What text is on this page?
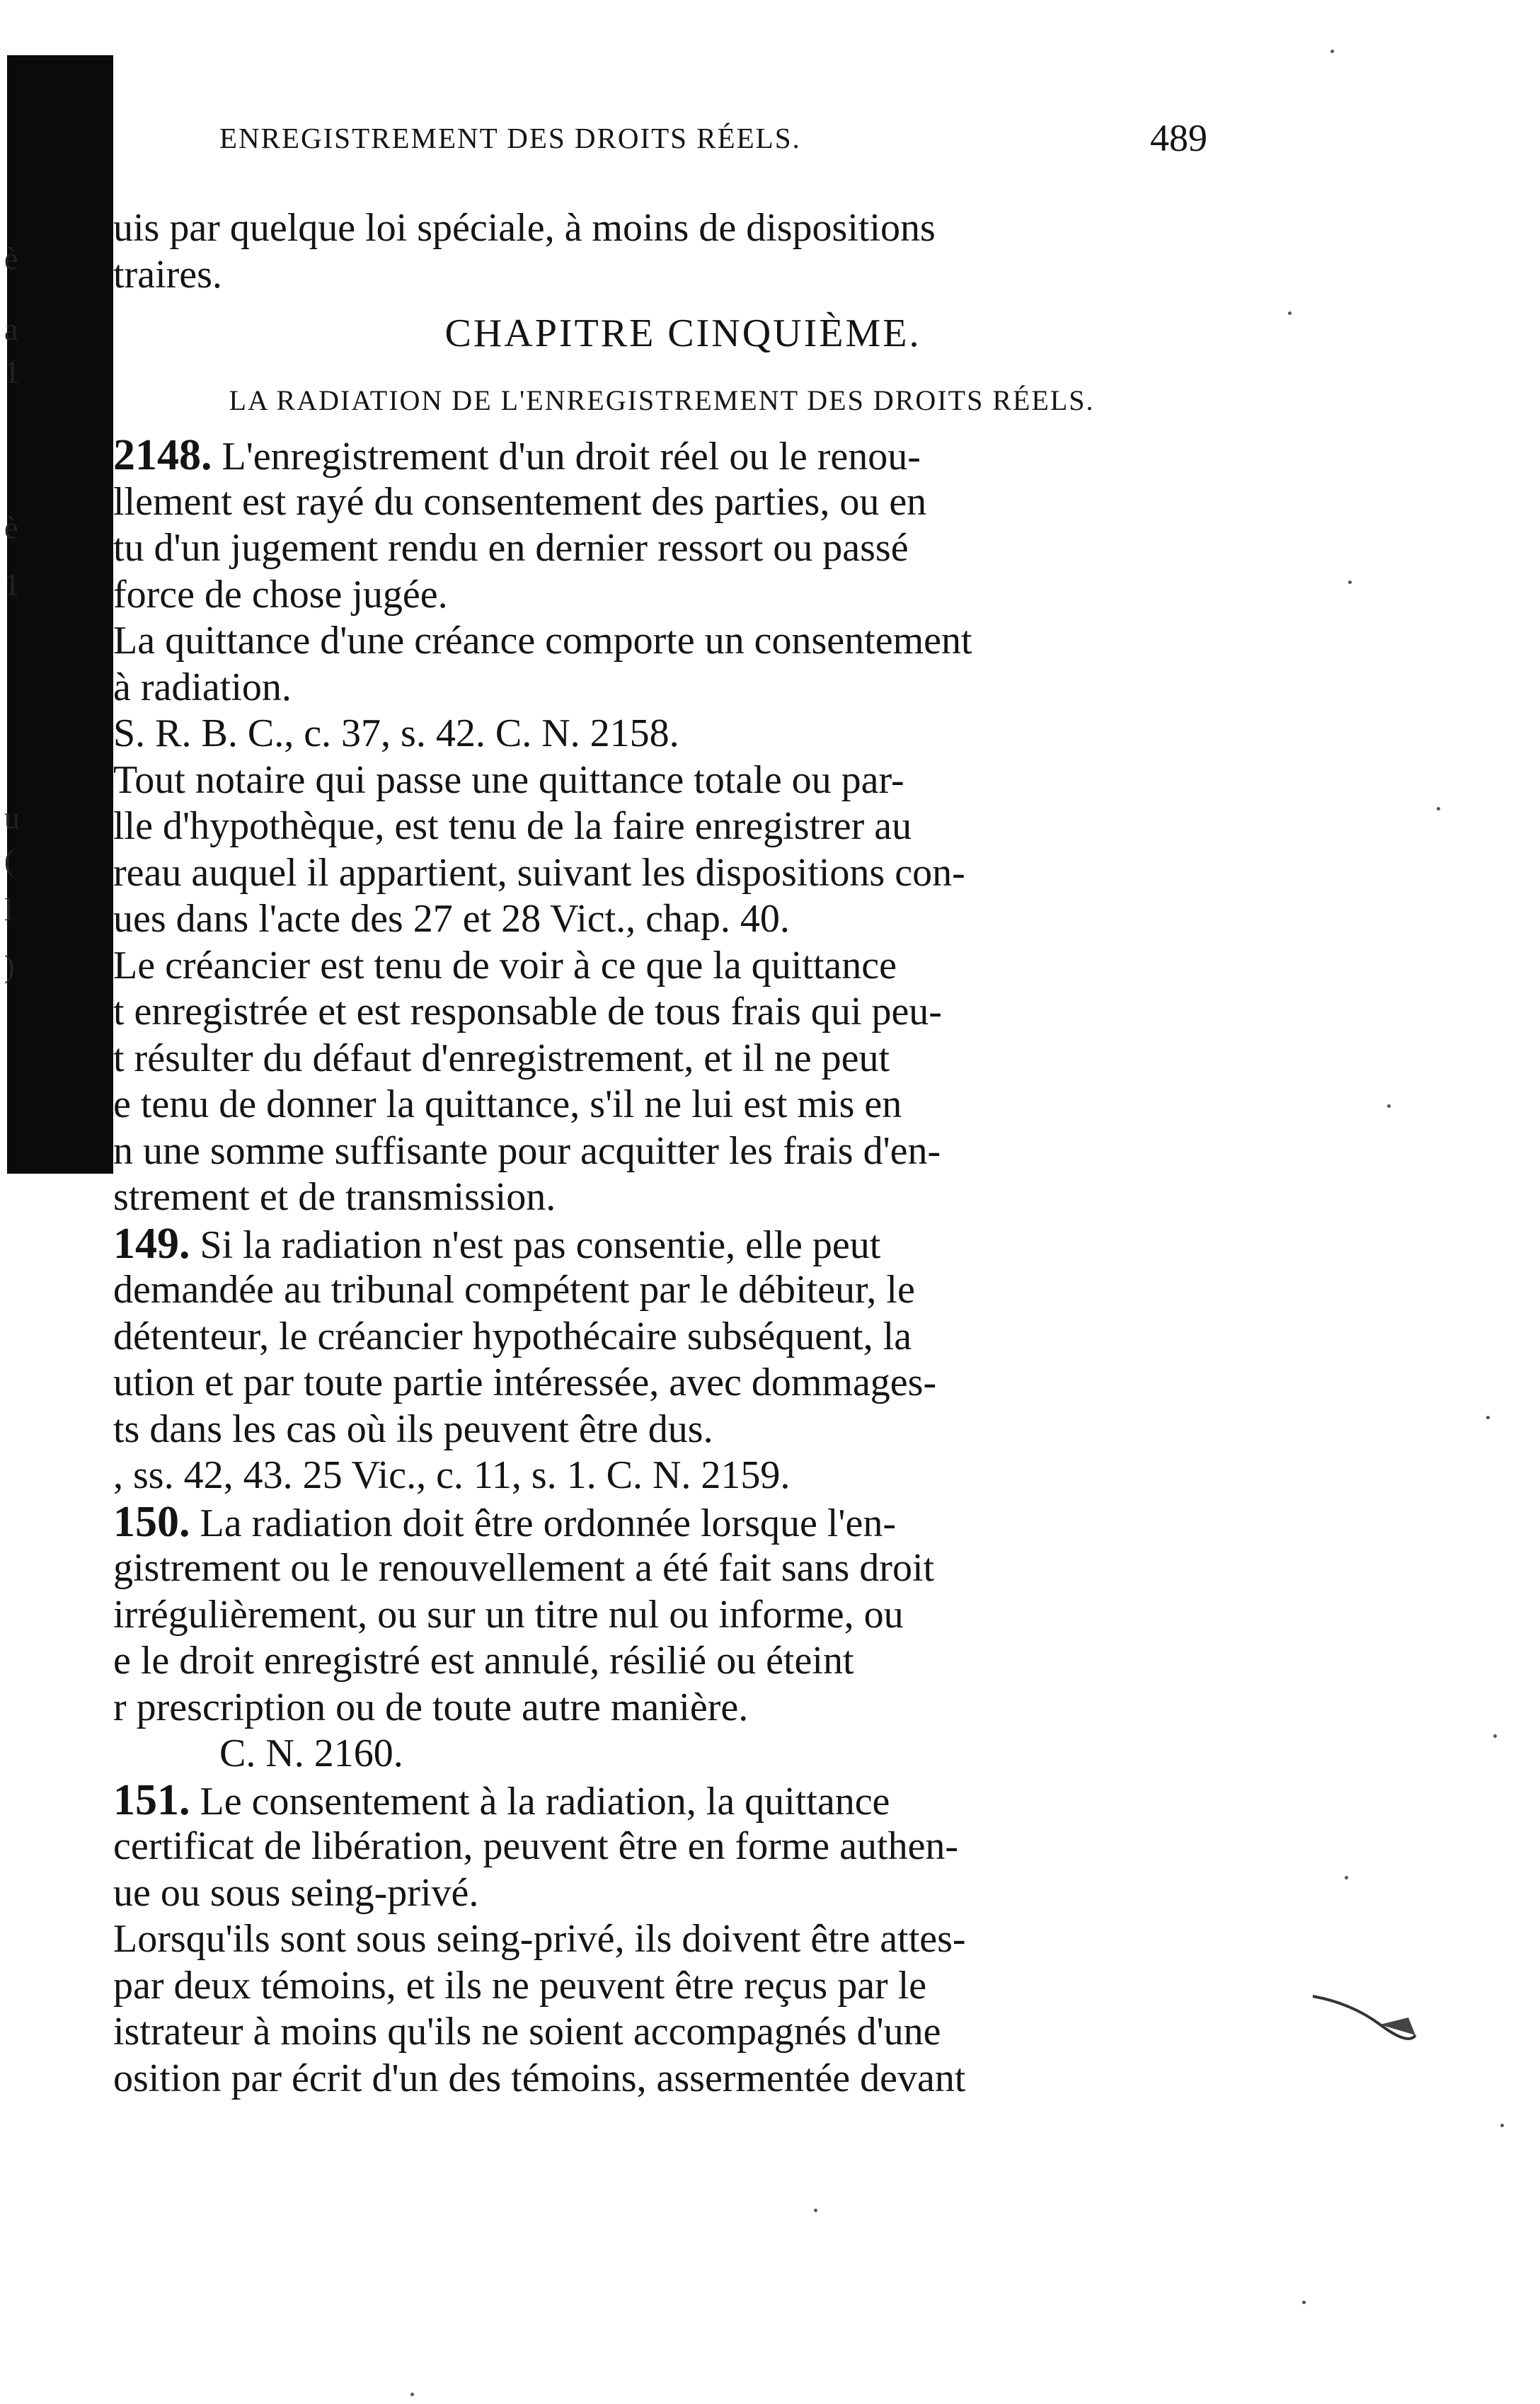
è
a
1
è
1
u
(
l
)
ENREGISTREMENT DES DROITS RÉELS.	489
uis par quelque loi spéciale, à moins de dispositions
traires.
CHAPITRE CINQUIÈME.
LA RADIATION DE L'ENREGISTREMENT DES DROITS RÉELS.
2148. L'enregistrement d'un droit réel ou le renou-
llement est rayé du consentement des parties, ou en
tu d'un jugement rendu en dernier ressort ou passé
force de chose jugée.
La quittance d'une créance comporte un consentement
à radiation.
S. R. B. C., c. 37, s. 42. C. N. 2158.
Tout notaire qui passe une quittance totale ou par-
lle d'hypothèque, est tenu de la faire enregistrer au
reau auquel il appartient, suivant les dispositions con-
ues dans l'acte des 27 et 28 Vict., chap. 40.
Le créancier est tenu de voir à ce que la quittance
t enregistrée et est responsable de tous frais qui peu-
t résulter du défaut d'enregistrement, et il ne peut
e tenu de donner la quittance, s'il ne lui est mis en
n une somme suffisante pour acquitter les frais d'en-
strement et de transmission.
149. Si la radiation n'est pas consentie, elle peut
demandée au tribunal compétent par le débiteur, le
détenteur, le créancier hypothécaire subséquent, la
ution et par toute partie intéressée, avec dommages-
ts dans les cas où ils peuvent être dus.
, ss. 42, 43. 25 Vic., c. 11, s. 1. C. N. 2159.
150. La radiation doit être ordonnée lorsque l'en-
gistrement ou le renouvellement a été fait sans droit
irrégulièrement, ou sur un titre nul ou informe, ou
e le droit enregistré est annulé, résilié ou éteint
r prescription ou de toute autre manière.
C. N. 2160.
151. Le consentement à la radiation, la quittance
certificat de libération, peuvent être en forme authen-
ue ou sous seing-privé.
Lorsqu'ils sont sous seing-privé, ils doivent être attes-
par deux témoins, et ils ne peuvent être reçus par le
istrateur à moins qu'ils ne soient accompagnés d'une
osition par écrit d'un des témoins, assermentée devant
